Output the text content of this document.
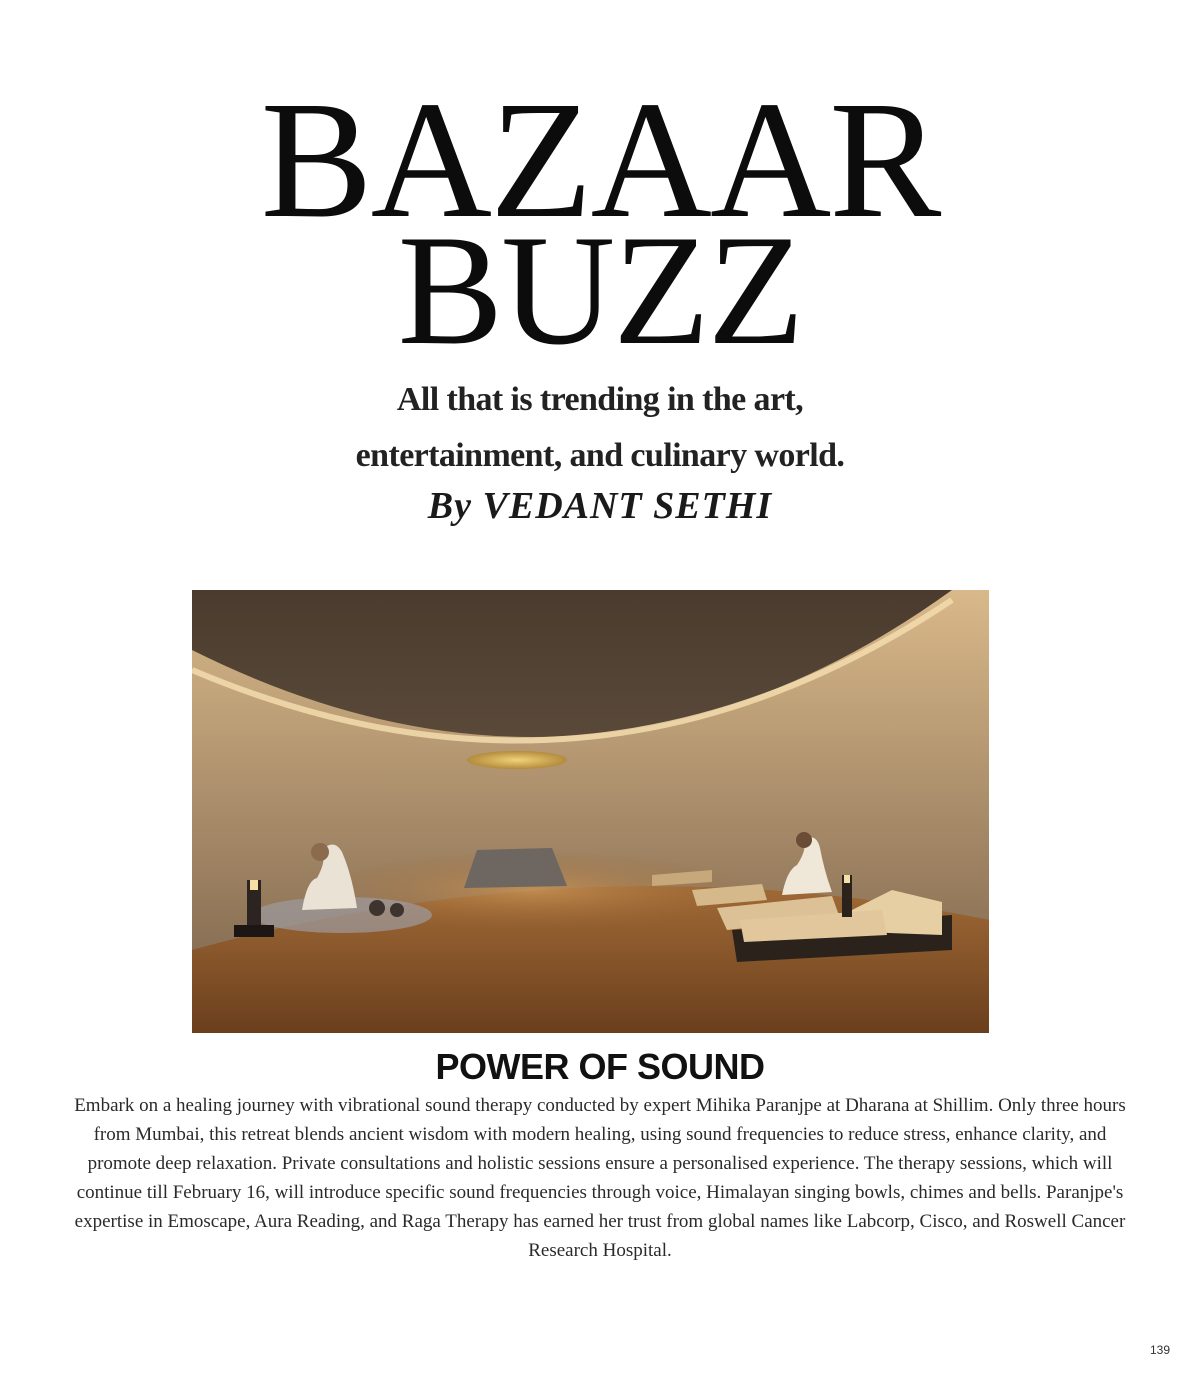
BAZAAR
BUZZ
All that is trending in the art,
entertainment, and culinary world.
By VEDANT SETHI
POWER OF SOUND
Embark on a healing journey with vibrational sound therapy conducted by expert Mihika Paranjpe at Dharana at Shillim. Only three hours from Mumbai, this retreat blends ancient wisdom with modern healing, using sound frequencies to reduce stress, enhance clarity, and promote deep relaxation. Private consultations and holistic sessions ensure a personalised experience. The therapy sessions, which will continue till February 16, will introduce specific sound frequencies through voice, Himalayan singing bowls, chimes and bells. Paranjpe's expertise in Emoscape, Aura Reading, and Raga Therapy has earned her trust from global names like Labcorp, Cisco, and Roswell Cancer Research Hospital.
139
